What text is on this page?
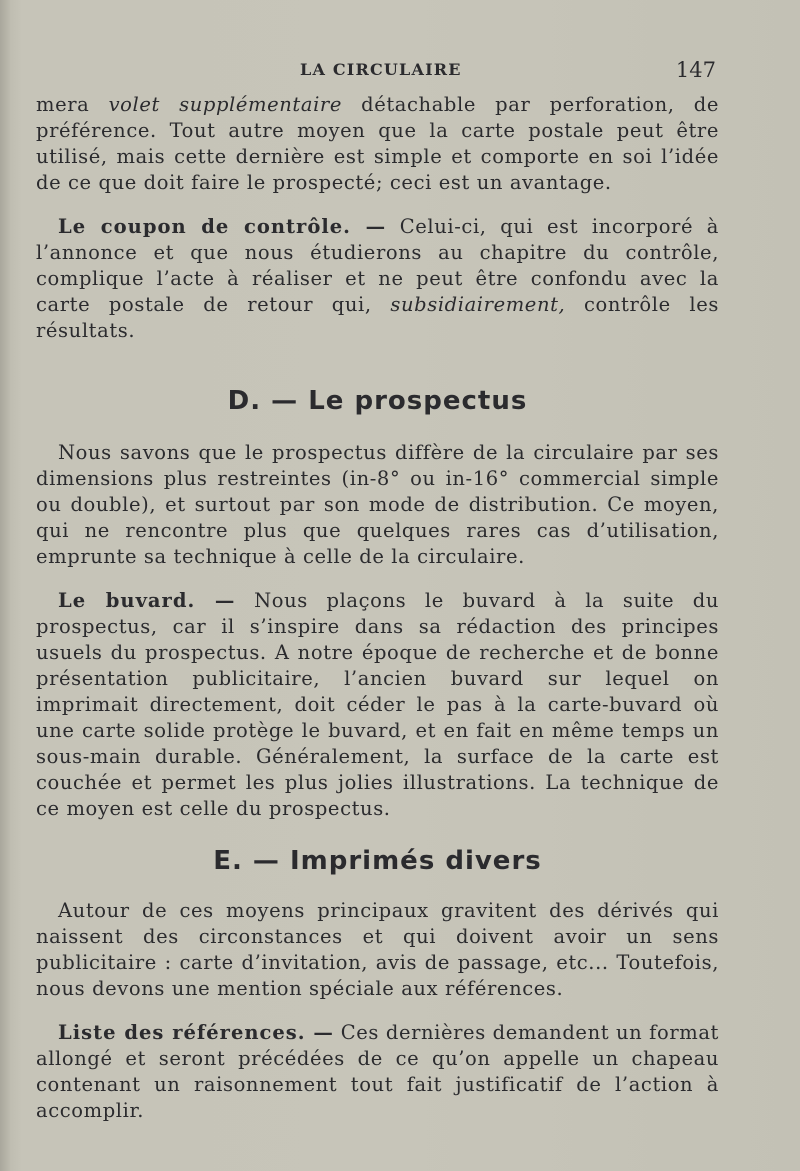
LA CIRCULAIRE	147

mera volet supplémentaire détachable par perforation, de préférence. Tout autre moyen que la carte postale peut être utilisé, mais cette dernière est simple et comporte en soi l’idée de ce que doit faire le prospecté; ceci est un avantage.

Le coupon de contrôle. — Celui-ci, qui est incorporé à l’annonce et que nous étudierons au chapitre du contrôle, complique l’acte à réaliser et ne peut être confondu avec la carte postale de retour qui, subsidiairement, contrôle les résultats.

D. — Le prospectus

Nous savons que le prospectus diffère de la circulaire par ses dimensions plus restreintes (in-8° ou in-16° commercial simple ou double), et surtout par son mode de distribution. Ce moyen, qui ne rencontre plus que quelques rares cas d’utilisation, emprunte sa technique à celle de la circulaire.

Le buvard. — Nous plaçons le buvard à la suite du prospectus, car il s’inspire dans sa rédaction des principes usuels du prospectus. A notre époque de recherche et de bonne présentation publicitaire, l’ancien buvard sur lequel on imprimait directement, doit céder le pas à la carte-buvard où une carte solide protège le buvard, et en fait en même temps un sous-main durable. Généralement, la surface de la carte est couchée et permet les plus jolies illustrations. La technique de ce moyen est celle du prospectus.

E. — Imprimés divers

Autour de ces moyens principaux gravitent des dérivés qui naissent des circonstances et qui doivent avoir un sens publicitaire : carte d’invitation, avis de passage, etc... Toutefois, nous devons une mention spéciale aux références.

Liste des références. — Ces dernières demandent un format allongé et seront précédées de ce qu’on appelle un chapeau contenant un raisonnement tout fait justificatif de l’action à accomplir.
